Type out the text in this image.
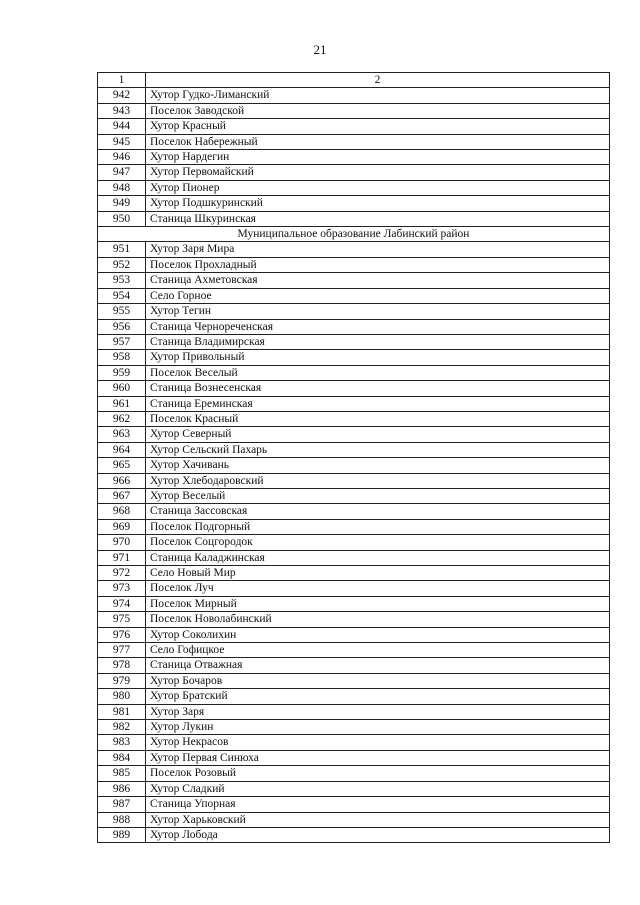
21
1	2
942	Хутор Гудко-Лиманский
943	Поселок Заводской
944	Хутор Красный
945	Поселок Набережный
946	Хутор Нардегин
947	Хутор Первомайский
948	Хутор Пионер
949	Хутор Подшкуринский
950	Станица Шкуринская
Муниципальное образование Лабинский район	
951	Хутор Заря Мира
952	Поселок Прохладный
953	Станица Ахметовская
954	Село Горное
955	Хутор Тегин
956	Станица Чернореченская
957	Станица Владимирская
958	Хутор Привольный
959	Поселок Веселый
960	Станица Вознесенская
961	Станица Ереминская
962	Поселок Красный
963	Хутор Северный
964	Хутор Сельский Пахарь
965	Хутор Хачивань
966	Хутор Хлебодаровский
967	Хутор Веселый
968	Станица Зассовская
969	Поселок Подгорный
970	Поселок Соцгородок
971	Станица Каладжинская
972	Село Новый Мир
973	Поселок Луч
974	Поселок Мирный
975	Поселок Новолабинский
976	Хутор Соколихин
977	Село Гофицкое
978	Станица Отважная
979	Хутор Бочаров
980	Хутор Братский
981	Хутор Заря
982	Хутор Лукин
983	Хутор Некрасов
984	Хутор Первая Синюха
985	Поселок Розовый
986	Хутор Сладкий
987	Станица Упорная
988	Хутор Харьковский
989	Хутор Лобода
